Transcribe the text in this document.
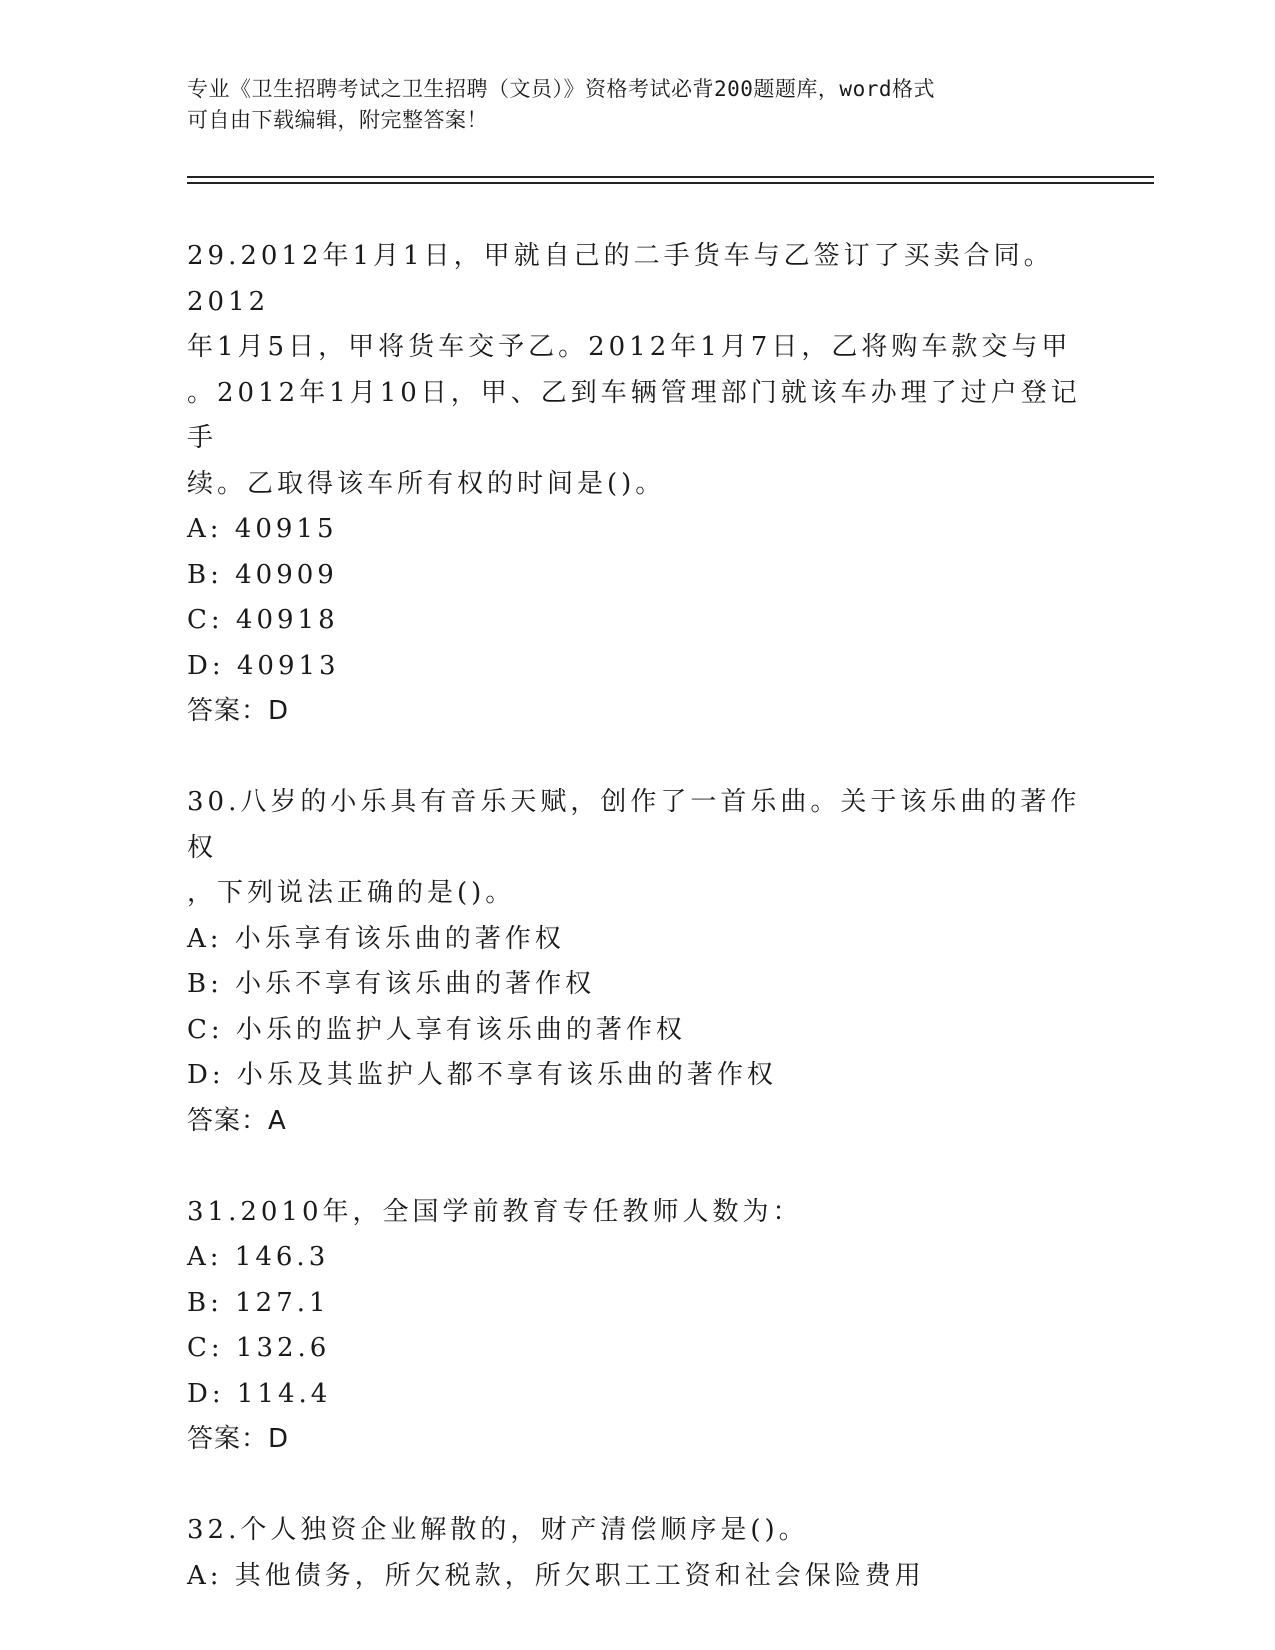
专业《卫生招聘考试之卫生招聘（文员）》资格考试必背200题题库，word格式
可自由下载编辑，附完整答案！
29.2012年1月1日，甲就自己的二手货车与乙签订了买卖合同。2012
年1月5日，甲将货车交予乙。2012年1月7日，乙将购车款交与甲
。2012年1月10日，甲、乙到车辆管理部门就该车办理了过户登记手
续。乙取得该车所有权的时间是()。
A: 40915
B: 40909
C: 40918
D: 40913
答案：D
30.八岁的小乐具有音乐天赋，创作了一首乐曲。关于该乐曲的著作权
，下列说法正确的是()。
A: 小乐享有该乐曲的著作权
B: 小乐不享有该乐曲的著作权
C: 小乐的监护人享有该乐曲的著作权
D: 小乐及其监护人都不享有该乐曲的著作权
答案：A
31.2010年，全国学前教育专任教师人数为：
A: 146.3
B: 127.1
C: 132.6
D: 114.4
答案：D
32.个人独资企业解散的，财产清偿顺序是()。
A: 其他债务，所欠税款，所欠职工工资和社会保险费用
